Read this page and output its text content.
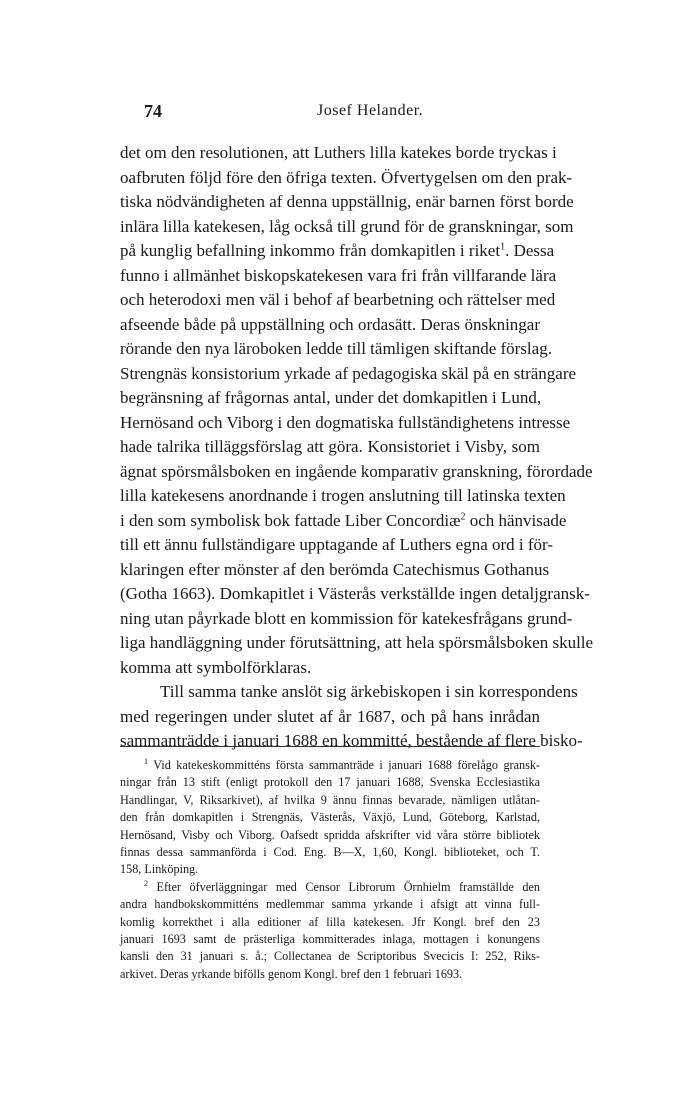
74	Josef Helander.
det om den resolutionen, att Luthers lilla katekes borde tryckas i
oafbruten följd före den öfriga texten. Öfvertygelsen om den prak-
tiska nödvändigheten af denna uppställnig, enär barnen först borde
inlära lilla katekesen, låg också till grund för de granskningar, som
på kunglig befallning inkommo från domkapitlen i riket$^1$. Dessa
funno i allmänhet biskopskatekesen vara fri från villfarande lära
och heterodoxi men väl i behof af bearbetning och rättelser med
afseende både på uppställning och ordasätt. Deras önskningar
rörande den nya läroboken ledde till tämligen skiftande förslag.
Strengnäs konsistorium yrkade af pedagogiska skäl på en strängare
begränsning af frågornas antal, under det domkapitlen i Lund,
Hernösand och Viborg i den dogmatiska fullständighetens intresse
hade talrika tilläggsförslag att göra. Konsistoriet i Visby, som
ägnat spörsmålsboken en ingående komparativ granskning, förordade
lilla katekesens anordnande i trogen anslutning till latinska texten
i den som symbolisk bok fattade Liber Concordiæ$^2$ och hänvisade
till ett ännu fullständigare upptagande af Luthers egna ord i för-
klaringen efter mönster af den berömda Catechismus Gothanus
(Gotha 1663). Domkapitlet i Västerås verkställde ingen detaljgransk-
ning utan påyrkade blott en kommission för katekesfrågans grund-
liga handläggning under förutsättning, att hela spörsmålsboken skulle
komma att symbolförklaras.
Till samma tanke anslöt sig ärkebiskopen i sin korrespondens
med regeringen under slutet af år 1687, och på hans inrådan
sammanträdde i januari 1688 en kommitté, bestående af flere bisko-
$^1$ Vid katekeskommitténs första sammanträde i januari 1688 förelågo gransk-
ningar från 13 stift (enligt protokoll den 17 januari 1688, Svenska Ecclesiastika
Handlingar, V, Riksarkivet), af hvilka 9 ännu finnas bevarade, nämligen utlåtan-
den från domkapitlen i Strengnäs, Västerås, Växjö, Lund, Göteborg, Karlstad,
Hernösand, Visby och Viborg. Oafsedt spridda afskrifter vid våra större bibliotek
finnas dessa sammanförda i Cod. Eng. B—X, 1,60, Kongl. biblioteket, och T.
158, Linköping.
$^2$ Efter öfverläggningar med Censor Librorum Örnhielm framställde den
andra handbokskommitténs medlemmar samma yrkande i afsigt att vinna full-
komlig korrekthet i alla editioner af lilla katekesen. Jfr Kongl. bref den 23
januari 1693 samt de prästerliga kommitterades inlaga, mottagen i konungens
kansli den 31 januari s. å.; Collectanea de Scriptoribus Svecicis I: 252, Riks-
arkivet. Deras yrkande bifölls genom Kongl. bref den 1 februari 1693.
